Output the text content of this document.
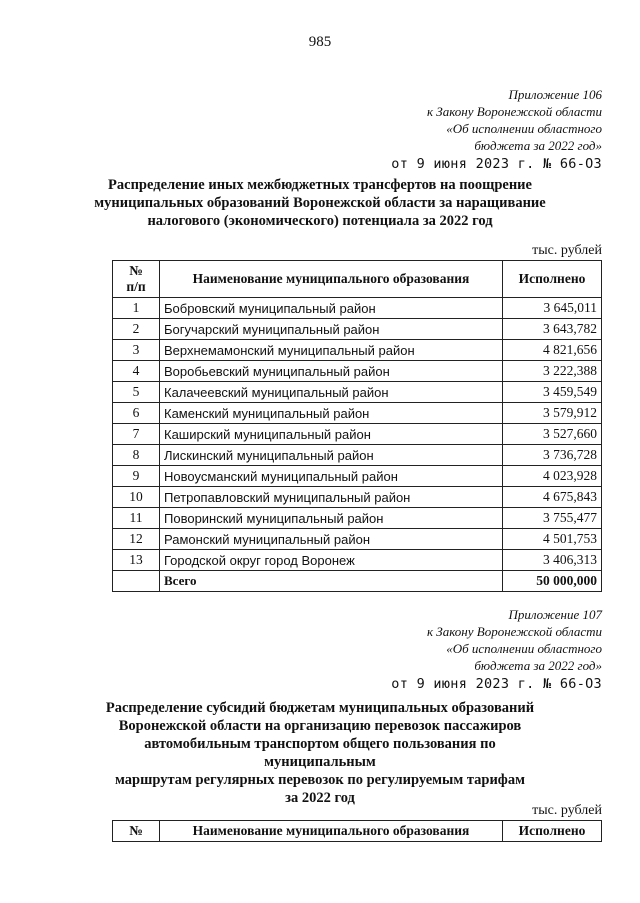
985
Приложение 106
к Закону Воронежской области
«Об исполнении областного
бюджета за 2022 год»
от 9 июня 2023 г. № 66-ОЗ
Распределение иных межбюджетных трансфертов на поощрение
муниципальных образований Воронежской области за наращивание
налогового (экономического) потенциала за 2022 год
тыс. рублей
№
п/п	Наименование муниципального образования	Исполнено
1	Бобровский муниципальный район	3 645,011
2	Богучарский муниципальный район	3 643,782
3	Верхнемамонский муниципальный район	4 821,656
4	Воробьевский муниципальный район	3 222,388
5	Калачеевский муниципальный район	3 459,549
6	Каменский муниципальный район	3 579,912
7	Каширский муниципальный район	3 527,660
8	Лискинский муниципальный район	3 736,728
9	Новоусманский муниципальный район	4 023,928
10	Петропавловский муниципальный район	4 675,843
11	Поворинский муниципальный район	3 755,477
12	Рамонский муниципальный район	4 501,753
13	Городской округ город Воронеж	3 406,313
	Всего	50 000,000
Приложение 107
к Закону Воронежской области
«Об исполнении областного
бюджета за 2022 год»
от 9 июня 2023 г. № 66-ОЗ
Распределение субсидий бюджетам муниципальных образований
Воронежской области на организацию перевозок пассажиров
автомобильным транспортом общего пользования по муниципальным
маршрутам регулярных перевозок по регулируемым тарифам
за 2022 год
тыс. рублей
№	Наименование муниципального образования	Исполнено
